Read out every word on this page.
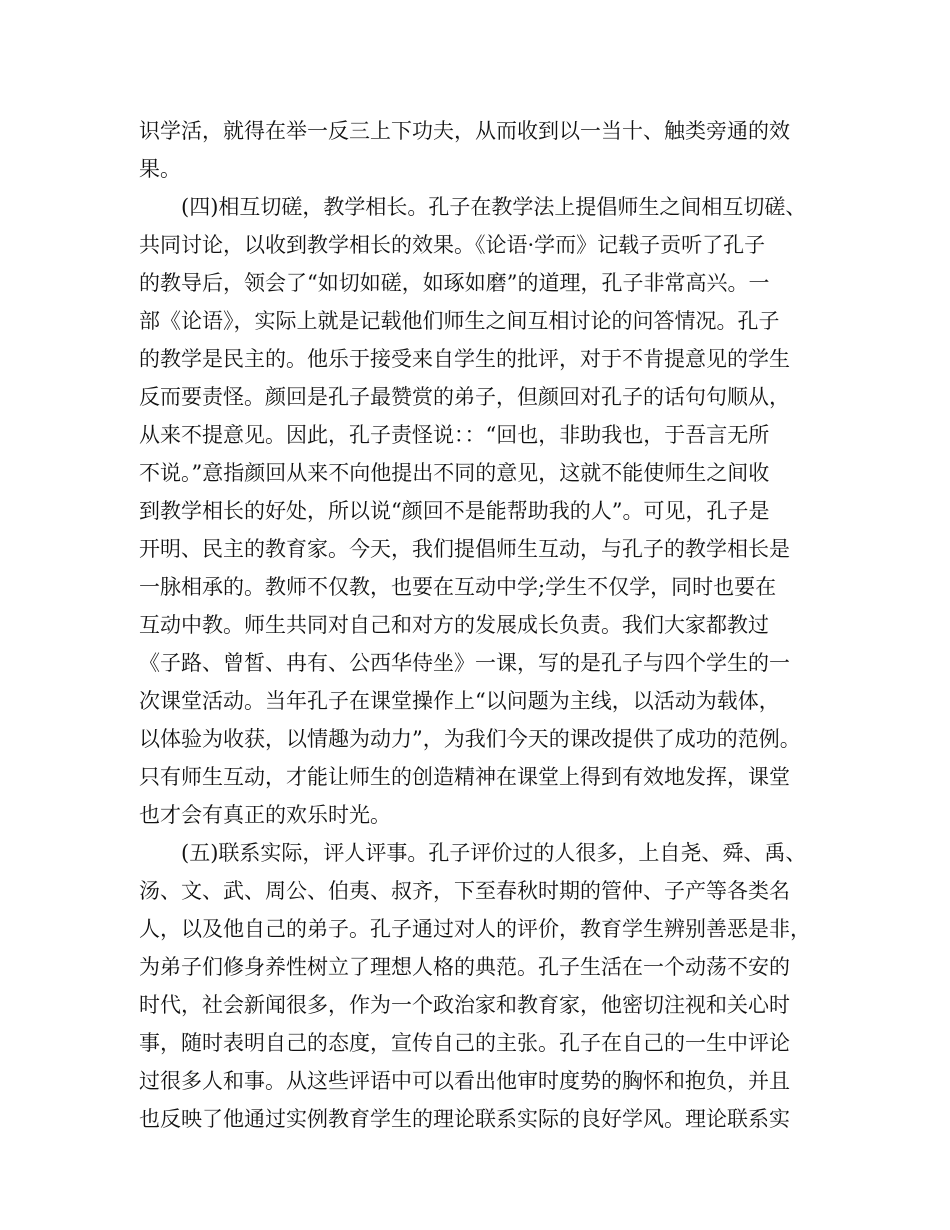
识学活，就得在举一反三上下功夫，从而收到以一当十、触类旁通的效
果。
(四)相互切磋，教学相长。孔子在教学法上提倡师生之间相互切磋、
共同讨论，以收到教学相长的效果。《论语·学而》记载子贡听了孔子
的教导后，领会了“如切如磋，如琢如磨”的道理，孔子非常高兴。一
部《论语》，实际上就是记载他们师生之间互相讨论的问答情况。孔子
的教学是民主的。他乐于接受来自学生的批评，对于不肯提意见的学生
反而要责怪。颜回是孔子最赞赏的弟子，但颜回对孔子的话句句顺从，
从来不提意见。因此，孔子责怪说：：“回也，非助我也，于吾言无所
不说。”意指颜回从来不向他提出不同的意见，这就不能使师生之间收
到教学相长的好处，所以说“颜回不是能帮助我的人”。可见，孔子是
开明、民主的教育家。今天，我们提倡师生互动，与孔子的教学相长是
一脉相承的。教师不仅教，也要在互动中学;学生不仅学，同时也要在
互动中教。师生共同对自己和对方的发展成长负责。我们大家都教过
《子路、曾皙、冉有、公西华侍坐》一课，写的是孔子与四个学生的一
次课堂活动。当年孔子在课堂操作上“以问题为主线，以活动为载体，
以体验为收获，以情趣为动力”，为我们今天的课改提供了成功的范例。
只有师生互动，才能让师生的创造精神在课堂上得到有效地发挥，课堂
也才会有真正的欢乐时光。
(五)联系实际，评人评事。孔子评价过的人很多，上自尧、舜、禹、
汤、文、武、周公、伯夷、叔齐，下至春秋时期的管仲、子产等各类名
人，以及他自己的弟子。孔子通过对人的评价，教育学生辨别善恶是非，
为弟子们修身养性树立了理想人格的典范。孔子生活在一个动荡不安的
时代，社会新闻很多，作为一个政治家和教育家，他密切注视和关心时
事，随时表明自己的态度，宣传自己的主张。孔子在自己的一生中评论
过很多人和事。从这些评语中可以看出他审时度势的胸怀和抱负，并且
也反映了他通过实例教育学生的理论联系实际的良好学风。理论联系实
